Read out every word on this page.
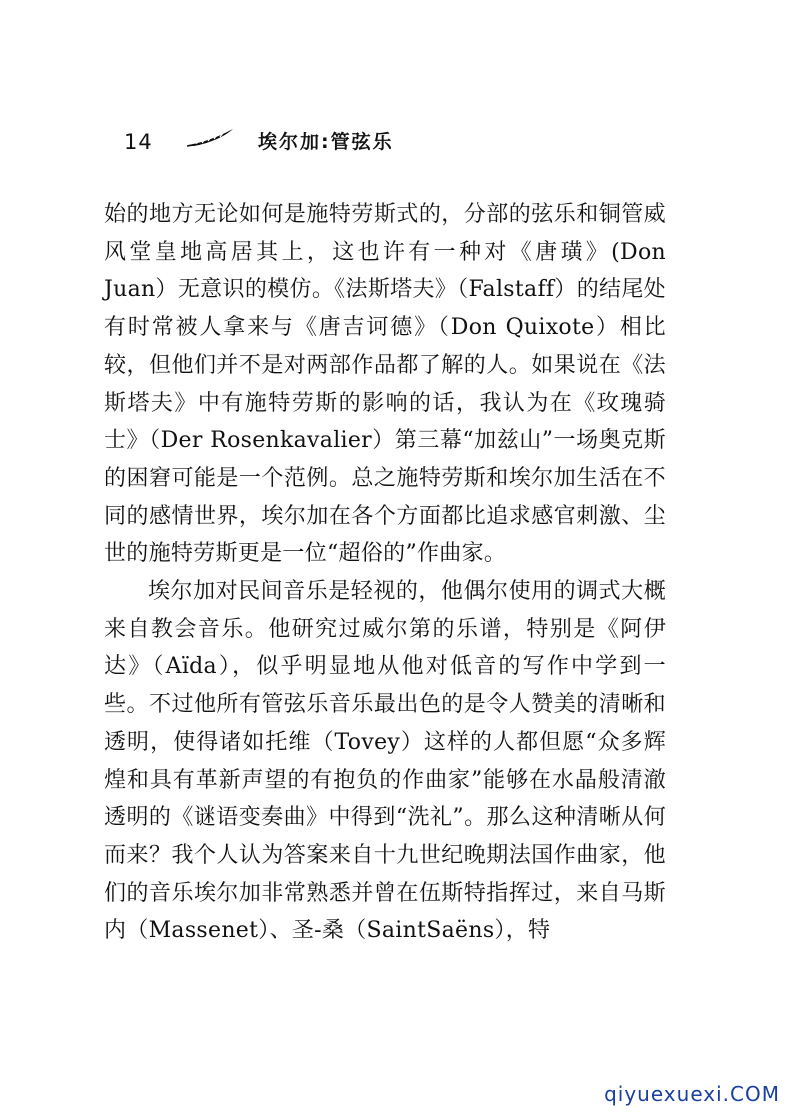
14	埃尔加:管弦乐

始的地方无论如何是施特劳斯式的，分部的弦乐和铜管威风堂皇地高居其上，这也许有一种对《唐璜》(Don Juan）无意识的模仿。《法斯塔夫》（Falstaff）的结尾处有时常被人拿来与《唐吉诃德》（Don Quixote）相比较，但他们并不是对两部作品都了解的人。如果说在《法斯塔夫》中有施特劳斯的影响的话，我认为在《玫瑰骑士》（Der Rosenkavalier）第三幕“加兹山”一场奥克斯的困窘可能是一个范例。总之施特劳斯和埃尔加生活在不同的感情世界，埃尔加在各个方面都比追求感官刺激、尘世的施特劳斯更是一位“超俗的”作曲家。

埃尔加对民间音乐是轻视的，他偶尔使用的调式大概来自教会音乐。他研究过威尔第的乐谱，特别是《阿伊达》（Aïda），似乎明显地从他对低音的写作中学到一些。不过他所有管弦乐音乐最出色的是令人赞美的清晰和透明，使得诸如托维（Tovey）这样的人都但愿“众多辉煌和具有革新声望的有抱负的作曲家”能够在水晶般清澈透明的《谜语变奏曲》中得到“洗礼”。那么这种清晰从何而来？我个人认为答案来自十九世纪晚期法国作曲家，他们的音乐埃尔加非常熟悉并曾在伍斯特指挥过，来自马斯内（Massenet）、圣-桑（SaintSaëns），特

qiyuexuexi.COM
